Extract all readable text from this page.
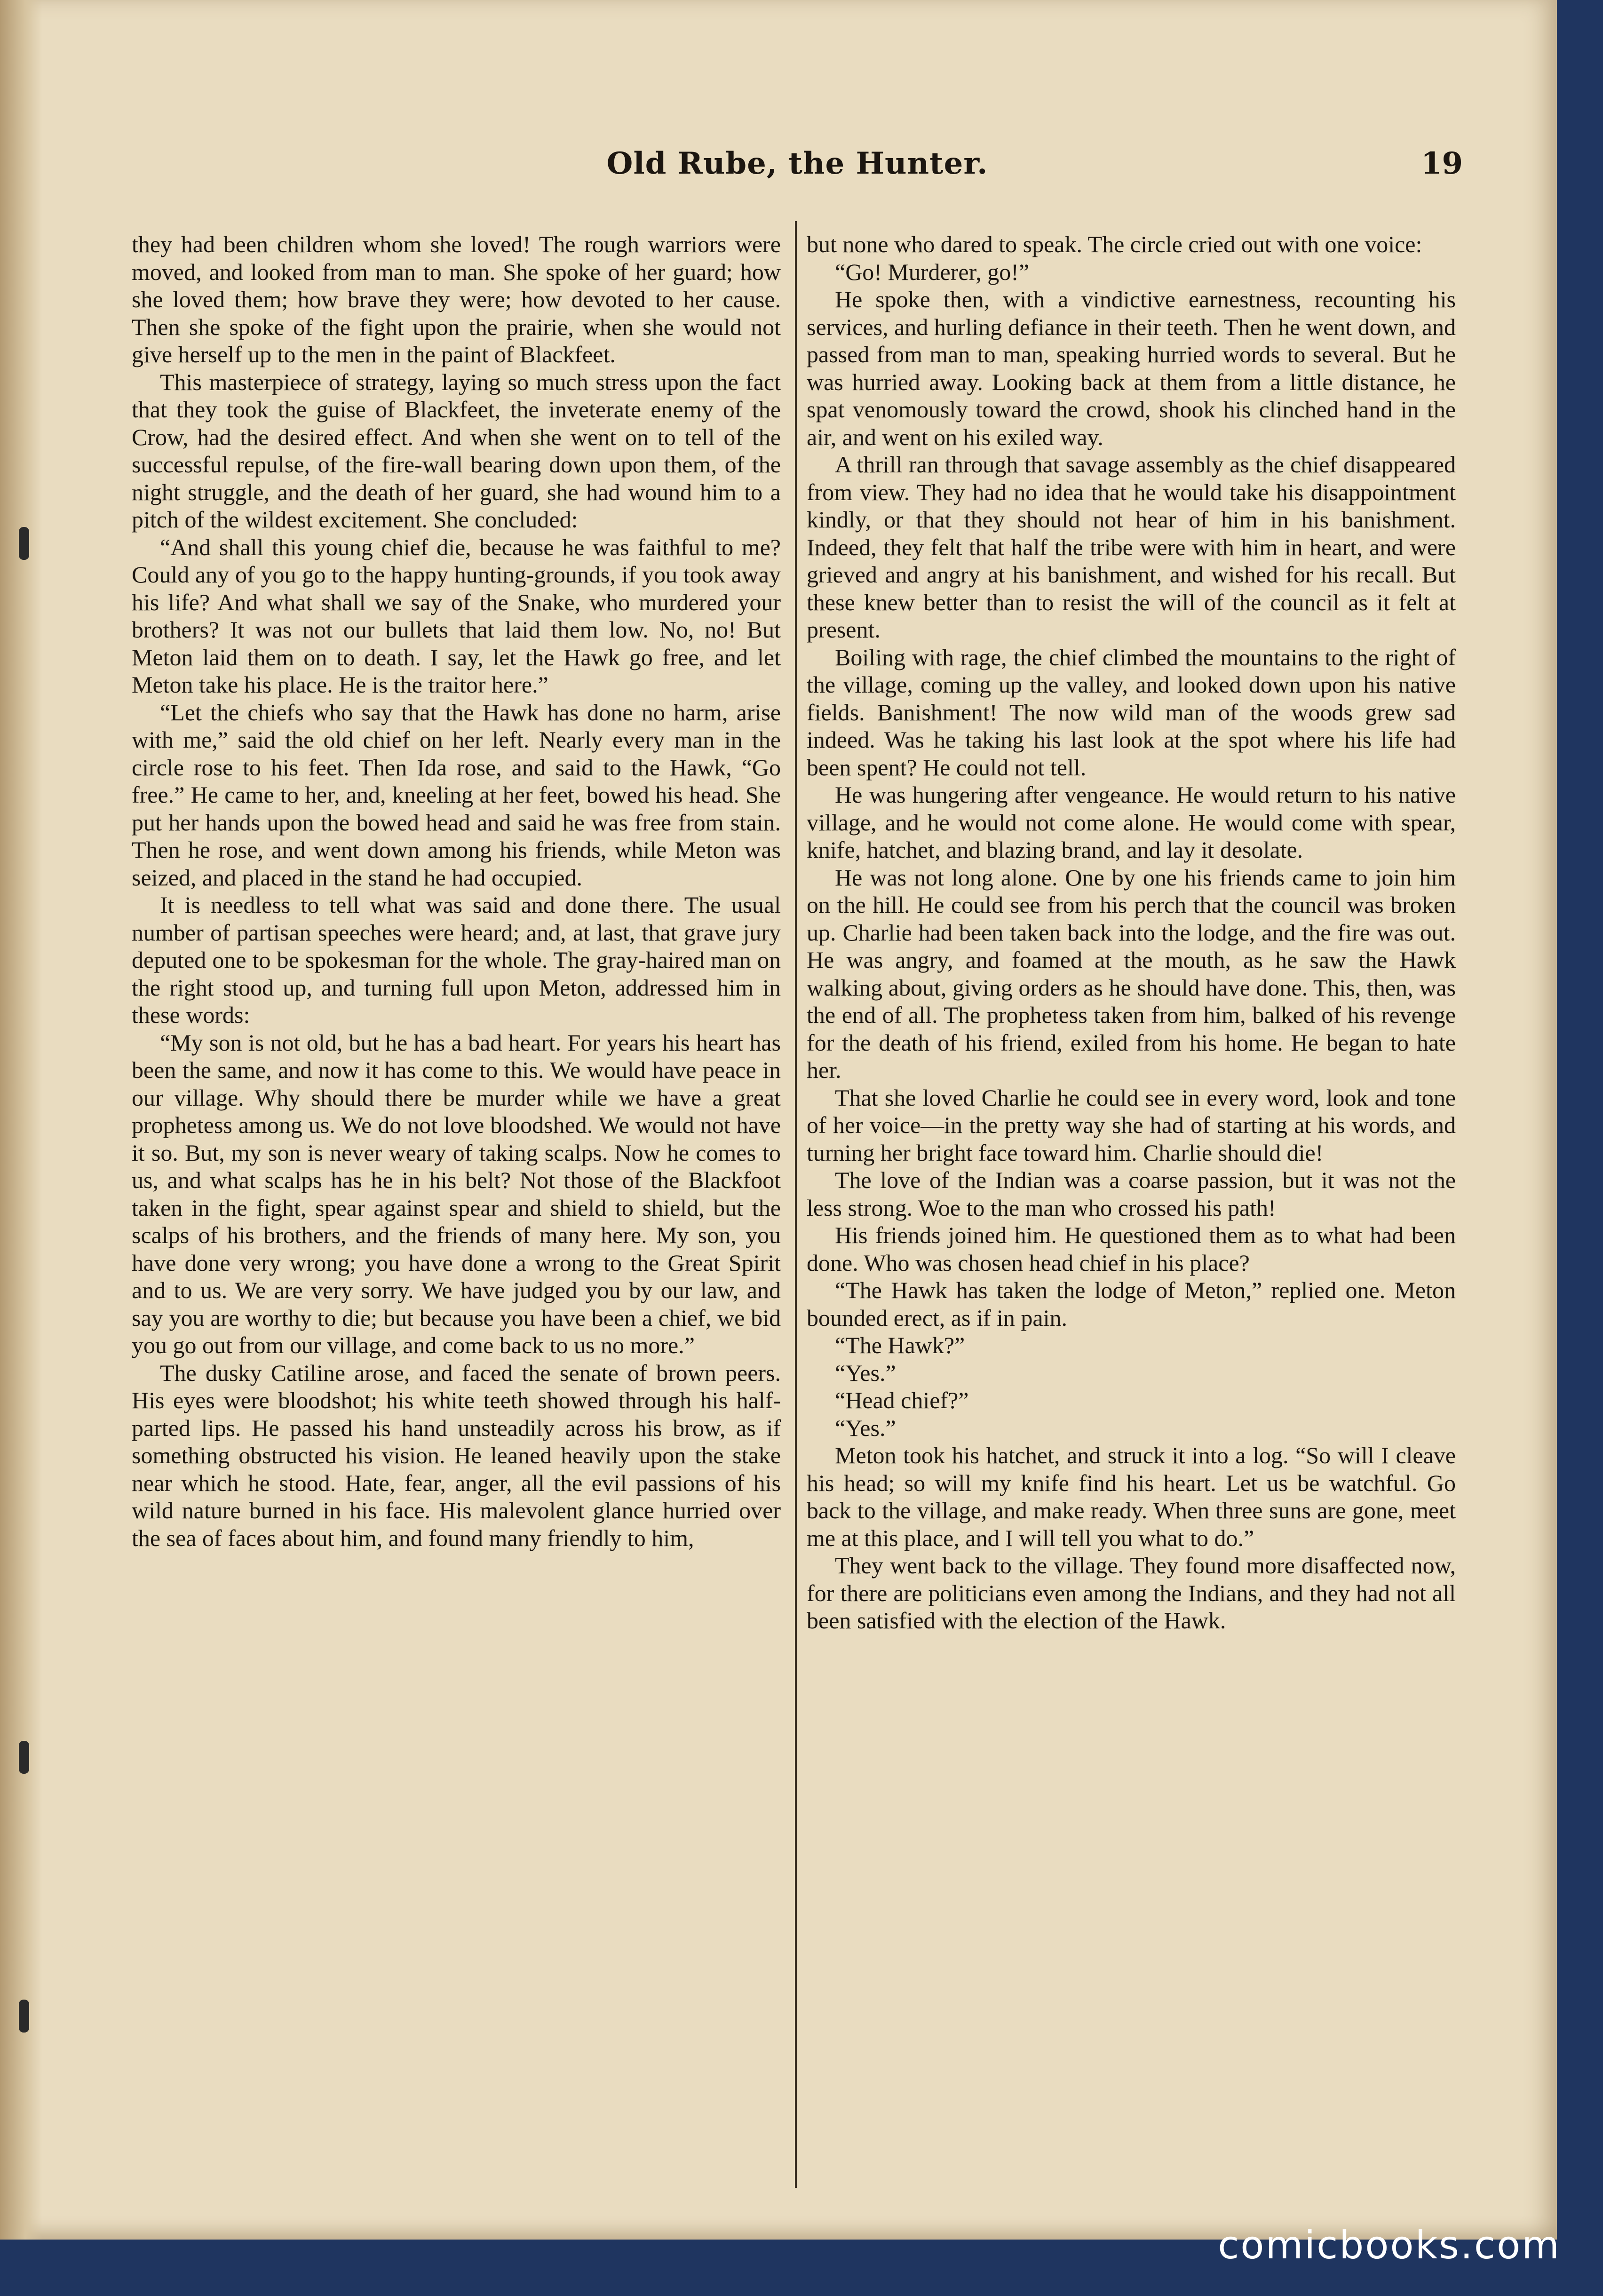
Old Rube, the Hunter.	19

they had been children whom she loved! The rough warriors were moved, and looked from man to man. She spoke of her guard; how she loved them; how brave they were; how devoted to her cause. Then she spoke of the fight upon the prairie, when she would not give herself up to the men in the paint of Blackfeet.

This masterpiece of strategy, laying so much stress upon the fact that they took the guise of Blackfeet, the inveterate enemy of the Crow, had the desired effect. And when she went on to tell of the successful repulse, of the fire-wall bearing down upon them, of the night struggle, and the death of her guard, she had wound him to a pitch of the wildest excitement. She concluded:

“And shall this young chief die, because he was faithful to me? Could any of you go to the happy hunting-grounds, if you took away his life? And what shall we say of the Snake, who murdered your brothers? It was not our bullets that laid them low. No, no! But Meton laid them on to death. I say, let the Hawk go free, and let Meton take his place. He is the traitor here.”

“Let the chiefs who say that the Hawk has done no harm, arise with me,” said the old chief on her left. Nearly every man in the circle rose to his feet. Then Ida rose, and said to the Hawk, “Go free.” He came to her, and, kneeling at her feet, bowed his head. She put her hands upon the bowed head and said he was free from stain. Then he rose, and went down among his friends, while Meton was seized, and placed in the stand he had occupied.

It is needless to tell what was said and done there. The usual number of partisan speeches were heard; and, at last, that grave jury deputed one to be spokesman for the whole. The gray-haired man on the right stood up, and turning full upon Meton, addressed him in these words:

“My son is not old, but he has a bad heart. For years his heart has been the same, and now it has come to this. We would have peace in our village. Why should there be murder while we have a great prophetess among us. We do not love bloodshed. We would not have it so. But, my son is never weary of taking scalps. Now he comes to us, and what scalps has he in his belt? Not those of the Blackfoot taken in the fight, spear against spear and shield to shield, but the scalps of his brothers, and the friends of many here. My son, you have done very wrong; you have done a wrong to the Great Spirit and to us. We are very sorry. We have judged you by our law, and say you are worthy to die; but because you have been a chief, we bid you go out from our village, and come back to us no more.”

The dusky Catiline arose, and faced the senate of brown peers. His eyes were bloodshot; his white teeth showed through his half-parted lips. He passed his hand unsteadily across his brow, as if something obstructed his vision. He leaned heavily upon the stake near which he stood. Hate, fear, anger, all the evil passions of his wild nature burned in his face. His malevolent glance hurried over the sea of faces about him, and found many friendly to him,

but none who dared to speak. The circle cried out with one voice:

“Go! Murderer, go!”

He spoke then, with a vindictive earnestness, recounting his services, and hurling defiance in their teeth. Then he went down, and passed from man to man, speaking hurried words to several. But he was hurried away. Looking back at them from a little distance, he spat venomously toward the crowd, shook his clinched hand in the air, and went on his exiled way.

A thrill ran through that savage assembly as the chief disappeared from view. They had no idea that he would take his disappointment kindly, or that they should not hear of him in his banishment. Indeed, they felt that half the tribe were with him in heart, and were grieved and angry at his banishment, and wished for his recall. But these knew better than to resist the will of the council as it felt at present.

Boiling with rage, the chief climbed the mountains to the right of the village, coming up the valley, and looked down upon his native fields. Banishment! The now wild man of the woods grew sad indeed. Was he taking his last look at the spot where his life had been spent? He could not tell.

He was hungering after vengeance. He would return to his native village, and he would not come alone. He would come with spear, knife, hatchet, and blazing brand, and lay it desolate.

He was not long alone. One by one his friends came to join him on the hill. He could see from his perch that the council was broken up. Charlie had been taken back into the lodge, and the fire was out. He was angry, and foamed at the mouth, as he saw the Hawk walking about, giving orders as he should have done. This, then, was the end of all. The prophetess taken from him, balked of his revenge for the death of his friend, exiled from his home. He began to hate her.

That she loved Charlie he could see in every word, look and tone of her voice—in the pretty way she had of starting at his words, and turning her bright face toward him. Charlie should die!

The love of the Indian was a coarse passion, but it was not the less strong. Woe to the man who crossed his path!

His friends joined him. He questioned them as to what had been done. Who was chosen head chief in his place?

“The Hawk has taken the lodge of Meton,” replied one. Meton bounded erect, as if in pain.

“The Hawk?”

“Yes.”

“Head chief?”

“Yes.”

Meton took his hatchet, and struck it into a log. “So will I cleave his head; so will my knife find his heart. Let us be watchful. Go back to the village, and make ready. When three suns are gone, meet me at this place, and I will tell you what to do.”

They went back to the village. They found more disaffected now, for there are politicians even among the Indians, and they had not all been satisfied with the election of the Hawk.

comicbooks.com
